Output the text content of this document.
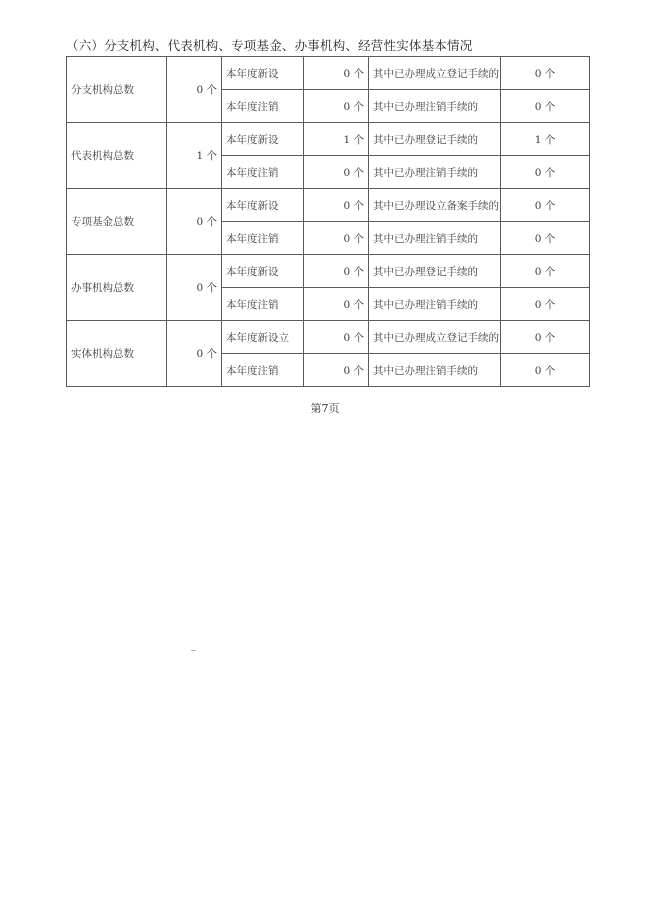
（六）分支机构、代表机构、专项基金、办事机构、经营性实体基本情况
分支机构总数	0 个	本年度新设	0 个	其中已办理成立登记手续的	0 个
		本年度注销	0 个	其中已办理注销手续的	0 个
代表机构总数	1 个	本年度新设	1 个	其中已办理登记手续的	1 个
		本年度注销	0 个	其中已办理注销手续的	0 个
专项基金总数	0 个	本年度新设	0 个	其中已办理设立备案手续的	0 个
		本年度注销	0 个	其中已办理注销手续的	0 个
办事机构总数	0 个	本年度新设	0 个	其中已办理登记手续的	0 个
		本年度注销	0 个	其中已办理注销手续的	0 个
实体机构总数	0 个	本年度新设立	0 个	其中已办理成立登记手续的	0 个
		本年度注销	0 个	其中已办理注销手续的	0 个
第7页
~
